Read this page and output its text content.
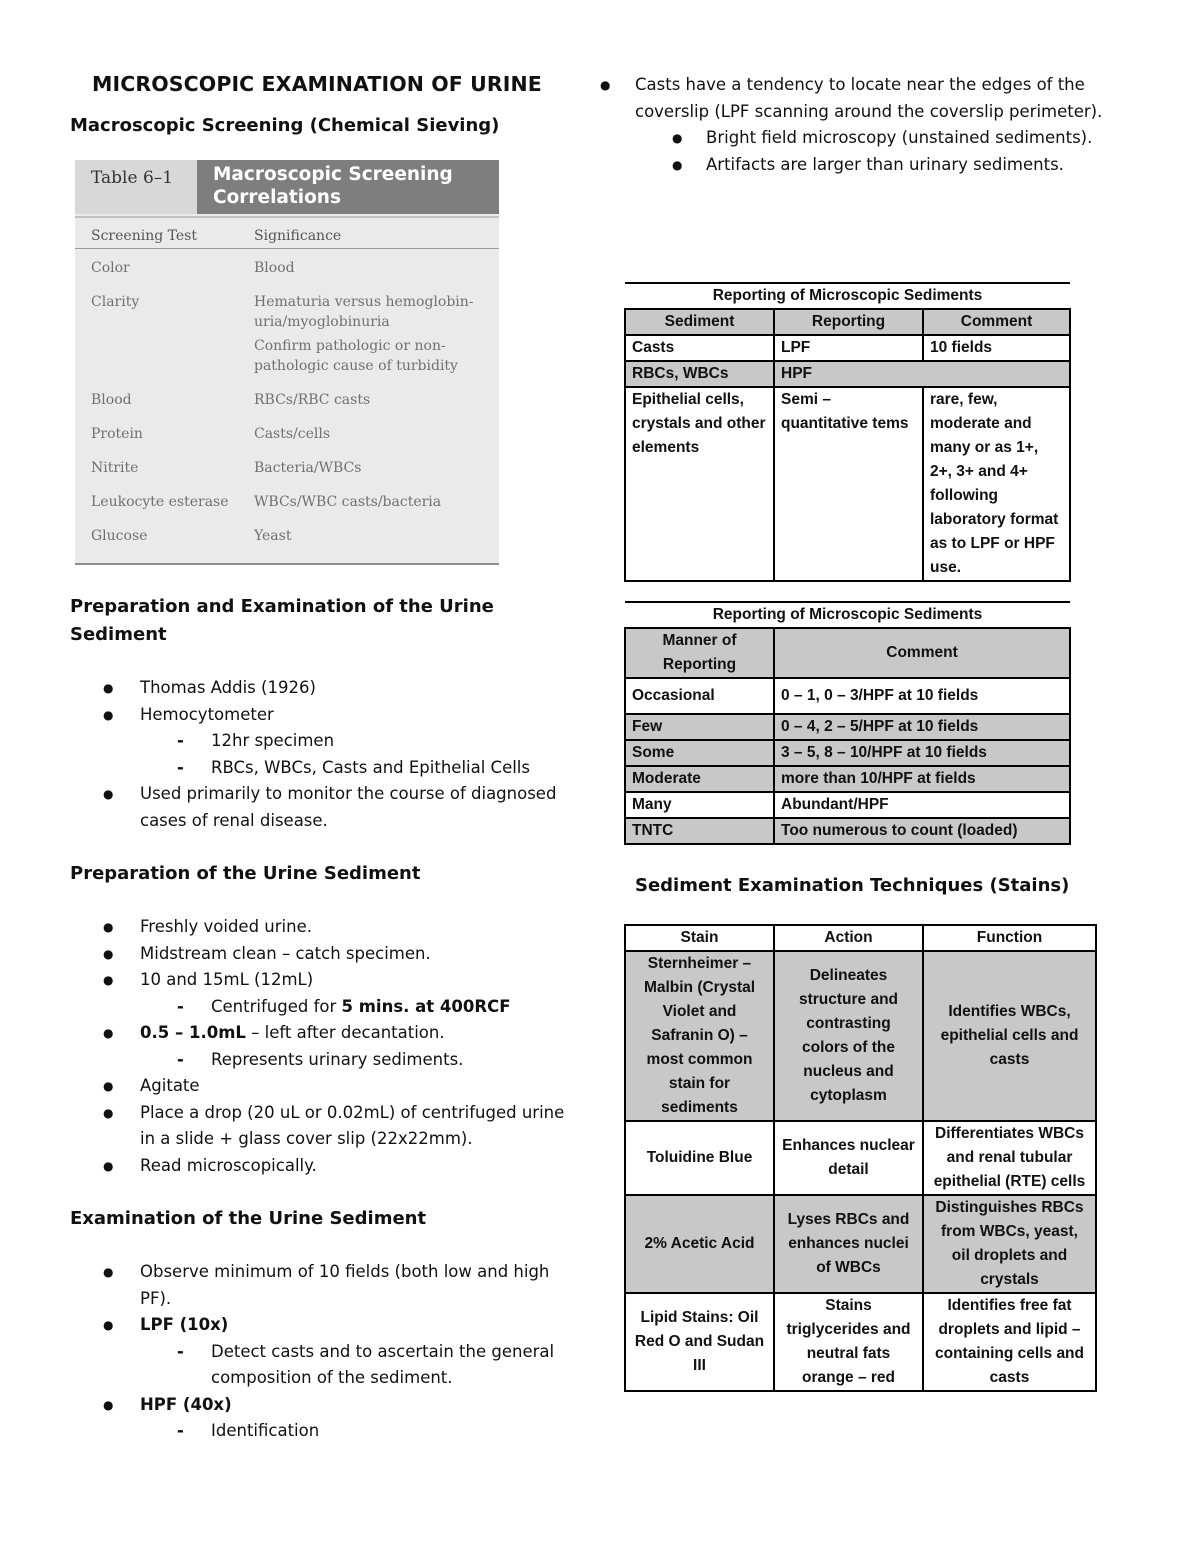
MICROSCOPIC EXAMINATION OF URINE
Macroscopic Screening (Chemical Sieving)
Table 6–1	Macroscopic Screening Correlations
Screening Test	Significance
Color	Blood

Clarity	Hematuria versus hemoglobin-uria/myoglobinuria

Confirm pathologic or non-pathologic cause of turbidity

Blood	RBCs/RBC casts

Protein	Casts/cells

Nitrite	Bacteria/WBCs

Leukocyte esterase	WBCs/WBC casts/bacteria

Glucose	Yeast

Preparation and Examination of the Urine Sediment
● Thomas Addis (1926)
● Hemocytometer
- 12hr specimen
- RBCs, WBCs, Casts and Epithelial Cells
● Used primarily to monitor the course of diagnosed cases of renal disease.
Preparation of the Urine Sediment
● Freshly voided urine.
● Midstream clean – catch specimen.
● 10 and 15mL (12mL)
- Centrifuged for 5 mins. at 400RCF
● 0.5 – 1.0mL – left after decantation.
- Represents urinary sediments.
● Agitate
● Place a drop (20 uL or 0.02mL) of centrifuged urine in a slide + glass cover slip (22x22mm).
● Read microscopically.
Examination of the Urine Sediment
● Observe minimum of 10 fields (both low and high PF).
● LPF (10x)
- Detect casts and to ascertain the general composition of the sediment.
● HPF (40x)
- Identification
● Casts have a tendency to locate near the edges of the coverslip (LPF scanning around the coverslip perimeter).
● Bright field microscopy (unstained sediments).
● Artifacts are larger than urinary sediments.
Reporting of Microscopic Sediments		
Sediment	Reporting	Comment
Casts	LPF	10 fields
RBCs, WBCs	HPF	
Epithelial cells, crystals and other elements	Semi – quantitative tems	rare, few, moderate and many or as 1+, 2+, 3+ and 4+ following laboratory format as to LPF or HPF use.
Reporting of Microscopic Sediments	
Manner of Reporting	Comment
Occasional	0 – 1, 0 – 3/HPF at 10 fields
Few	0 – 4, 2 – 5/HPF at 10 fields
Some	3 – 5, 8 – 10/HPF at 10 fields
Moderate	more than 10/HPF at fields
Many	Abundant/HPF
TNTC	Too numerous to count (loaded)
Sediment Examination Techniques (Stains)
Stain	Action	Function
Sternheimer – Malbin (Crystal Violet and Safranin O) – most common stain for sediments	Delineates structure and contrasting colors of the nucleus and cytoplasm	Identifies WBCs, epithelial cells and casts
Toluidine Blue	Enhances nuclear detail	Differentiates WBCs and renal tubular epithelial (RTE) cells
2% Acetic Acid	Lyses RBCs and enhances nuclei of WBCs	Distinguishes RBCs from WBCs, yeast, oil droplets and crystals
Lipid Stains: Oil Red O and Sudan III	Stains triglycerides and neutral fats orange – red	Identifies free fat droplets and lipid – containing cells and casts
